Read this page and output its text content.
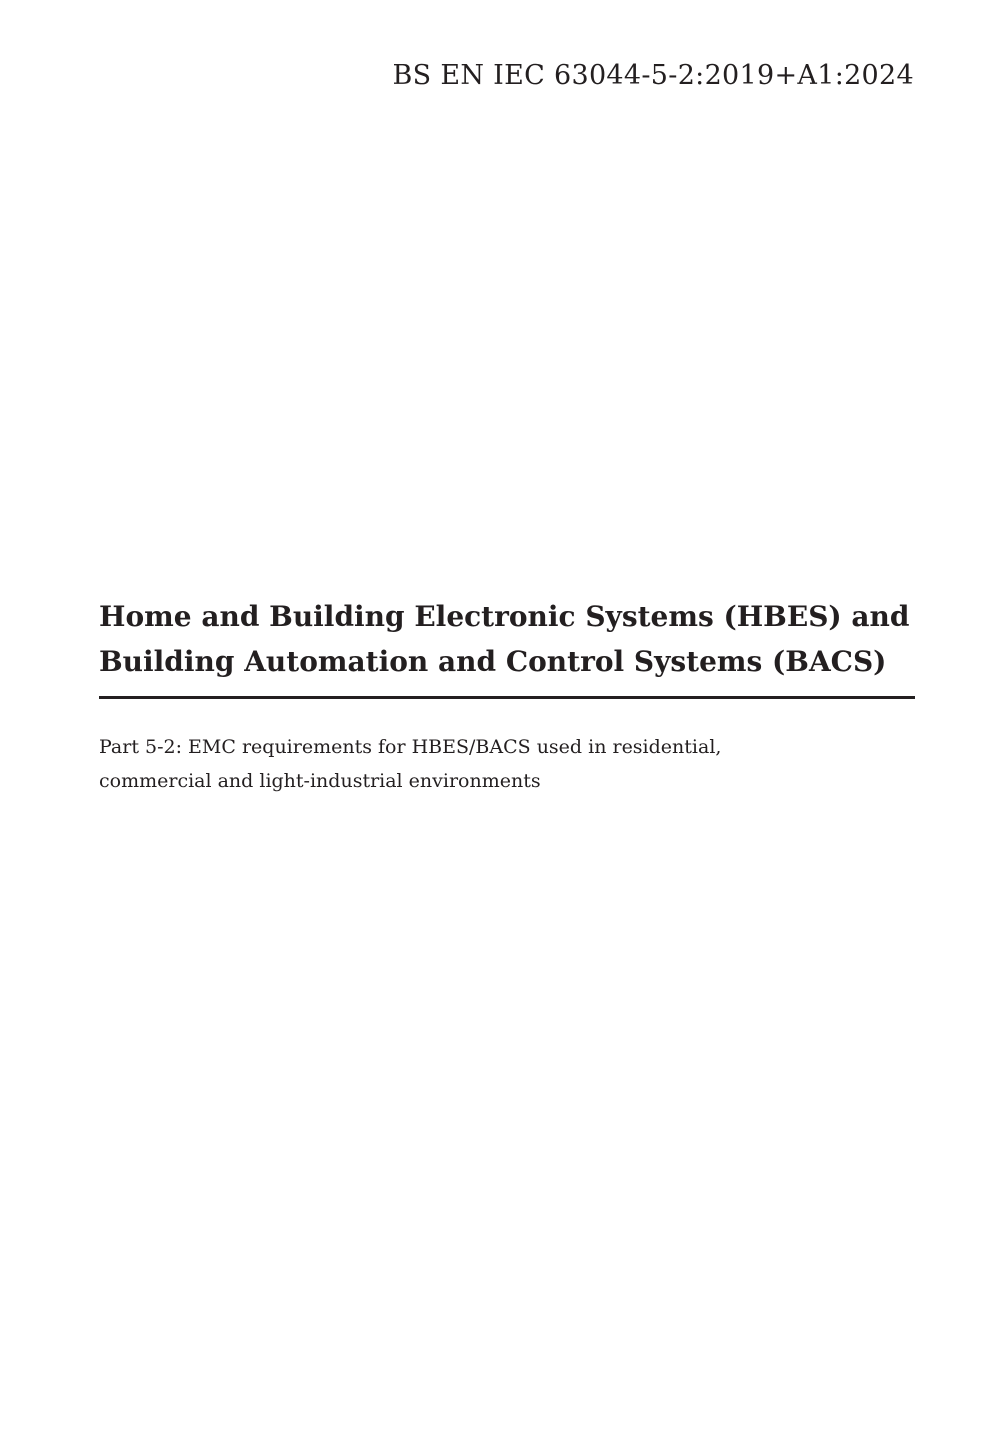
BS EN IEC 63044-5-2:2019+A1:2024
Home and Building Electronic Systems (HBES) and
Building Automation and Control Systems (BACS)
Part 5-2: EMC requirements for HBES/BACS used in residential,
commercial and light-industrial environments
